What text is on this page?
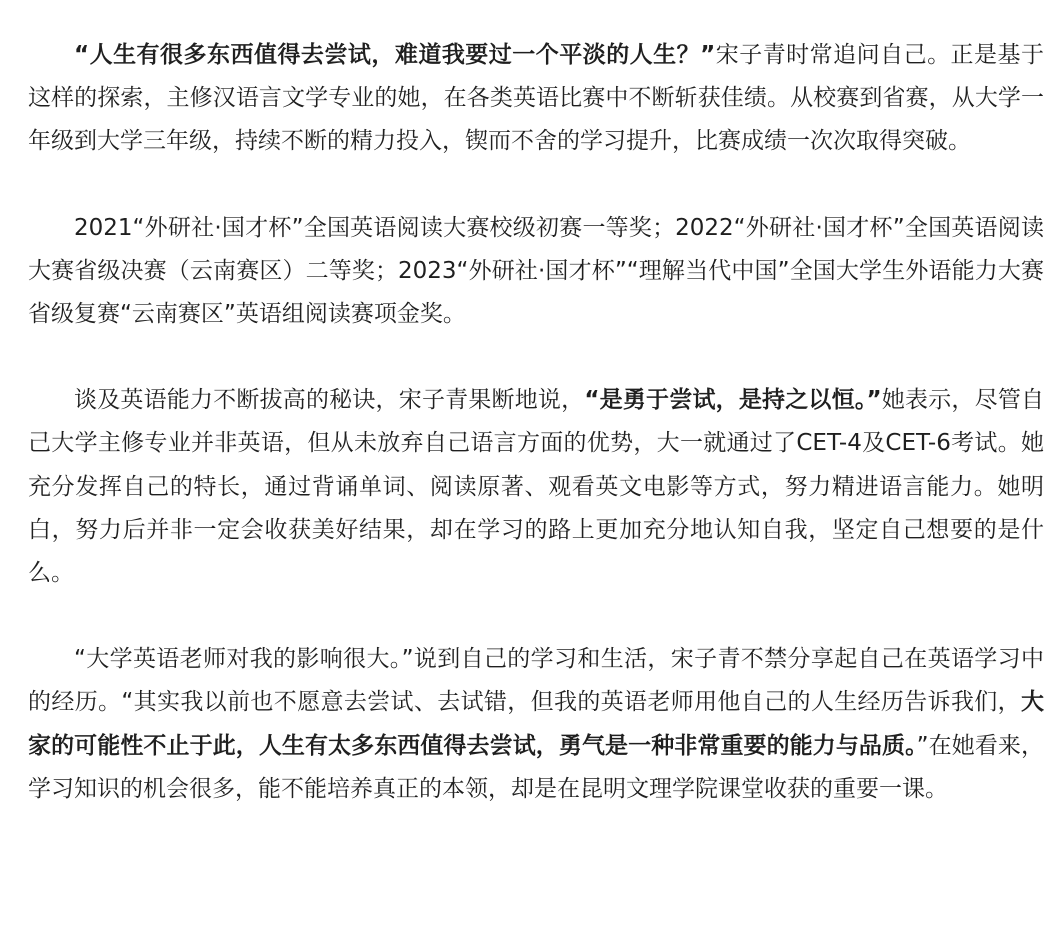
“人生有很多东西值得去尝试，难道我要过一个平淡的人生？”宋子青时常追问自己。正是基于这样的探索，主修汉语言文学专业的她，在各类英语比赛中不断斩获佳绩。从校赛到省赛，从大学一年级到大学三年级，持续不断的精力投入，锲而不舍的学习提升，比赛成绩一次次取得突破。

2021“外研社·国才杯”全国英语阅读大赛校级初赛一等奖；2022“外研社·国才杯”全国英语阅读大赛省级决赛（云南赛区）二等奖；2023“外研社·国才杯”“理解当代中国”全国大学生外语能力大赛省级复赛“云南赛区”英语组阅读赛项金奖。

谈及英语能力不断拔高的秘诀，宋子青果断地说，“是勇于尝试，是持之以恒。”她表示，尽管自己大学主修专业并非英语，但从未放弃自己语言方面的优势，大一就通过了CET-4及CET-6考试。她充分发挥自己的特长，通过背诵单词、阅读原著、观看英文电影等方式，努力精进语言能力。她明白，努力后并非一定会收获美好结果，却在学习的路上更加充分地认知自我，坚定自己想要的是什么。

“大学英语老师对我的影响很大。”说到自己的学习和生活，宋子青不禁分享起自己在英语学习中的经历。“其实我以前也不愿意去尝试、去试错，但我的英语老师用他自己的人生经历告诉我们，大家的可能性不止于此，人生有太多东西值得去尝试，勇气是一种非常重要的能力与品质。”在她看来，学习知识的机会很多，能不能培养真正的本领，却是在昆明文理学院课堂收获的重要一课。
